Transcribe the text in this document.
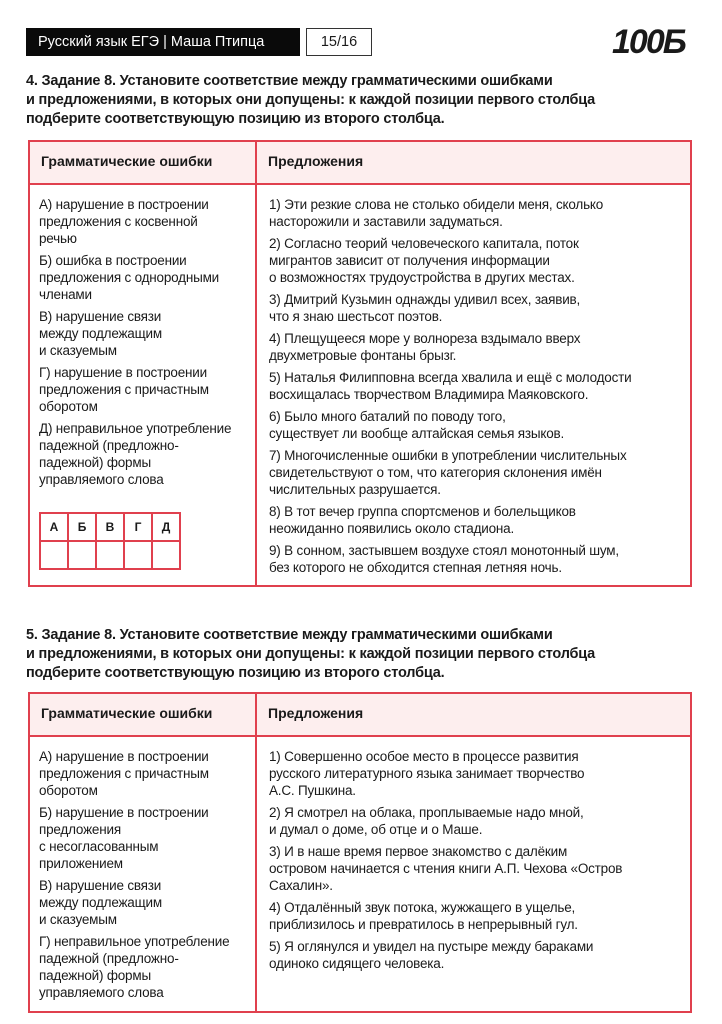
Русский язык ЕГЭ | Маша Птипца	15/16	100Б
4. Задание 8. Установите соответствие между грамматическими ошибками
и предложениями, в которых они допущены: к каждой позиции первого столбца
подберите соответствующую позицию из второго столбца.
Грамматические ошибки	Предложения
А) нарушение в построении
предложения с косвенной
речью
Б) ошибка в построении
предложения с однородными
членами
В) нарушение связи
между подлежащим
и сказуемым
Г) нарушение в построении
предложения с причастным
оборотом
Д) неправильное употребление
падежной (предложно-
падежной) формы
управляемого слова
А	Б	В	Г	Д

1) Эти резкие слова не столько обидели меня, сколько
насторожили и заставили задуматься.
2) Согласно теорий человеческого капитала, поток
мигрантов зависит от получения информации
о возможностях трудоустройства в других местах.
3) Дмитрий Кузьмин однажды удивил всех, заявив,
что я знаю шестьсот поэтов.
4) Плещущееся море у волнореза вздымало вверх
двухметровые фонтаны брызг.
5) Наталья Филипповна всегда хвалила и ещё с молодости
восхищалась творчеством Владимира Маяковского.
6) Было много баталий по поводу того,
существует ли вообще алтайская семья языков.
7) Многочисленные ошибки в употреблении числительных
свидетельствуют о том, что категория склонения имён
числительных разрушается.
8) В тот вечер группа спортсменов и болельщиков
неожиданно появились около стадиона.
9) В сонном, застывшем воздухе стоял монотонный шум,
без которого не обходится степная летняя ночь.
5. Задание 8. Установите соответствие между грамматическими ошибками
и предложениями, в которых они допущены: к каждой позиции первого столбца
подберите соответствующую позицию из второго столбца.
Грамматические ошибки	Предложения
А) нарушение в построении
предложения с причастным
оборотом
Б) нарушение в построении
предложения
с несогласованным
приложением
В) нарушение связи
между подлежащим
и сказуемым
Г) неправильное употребление
падежной (предложно-
падежной) формы
управляемого слова
1) Совершенно особое место в процессе развития
русского литературного языка занимает творчество
А.С. Пушкина.
2) Я смотрел на облака, проплываемые надо мной,
и думал о доме, об отце и о Маше.
3) И в наше время первое знакомство с далёким
островом начинается с чтения книги А.П. Чехова «Остров
Сахалин».
4) Отдалённый звук потока, жужжащего в ущелье,
приблизилось и превратилось в непрерывный гул.
5) Я оглянулся и увидел на пустыре между бараками
одиноко сидящего человека.
